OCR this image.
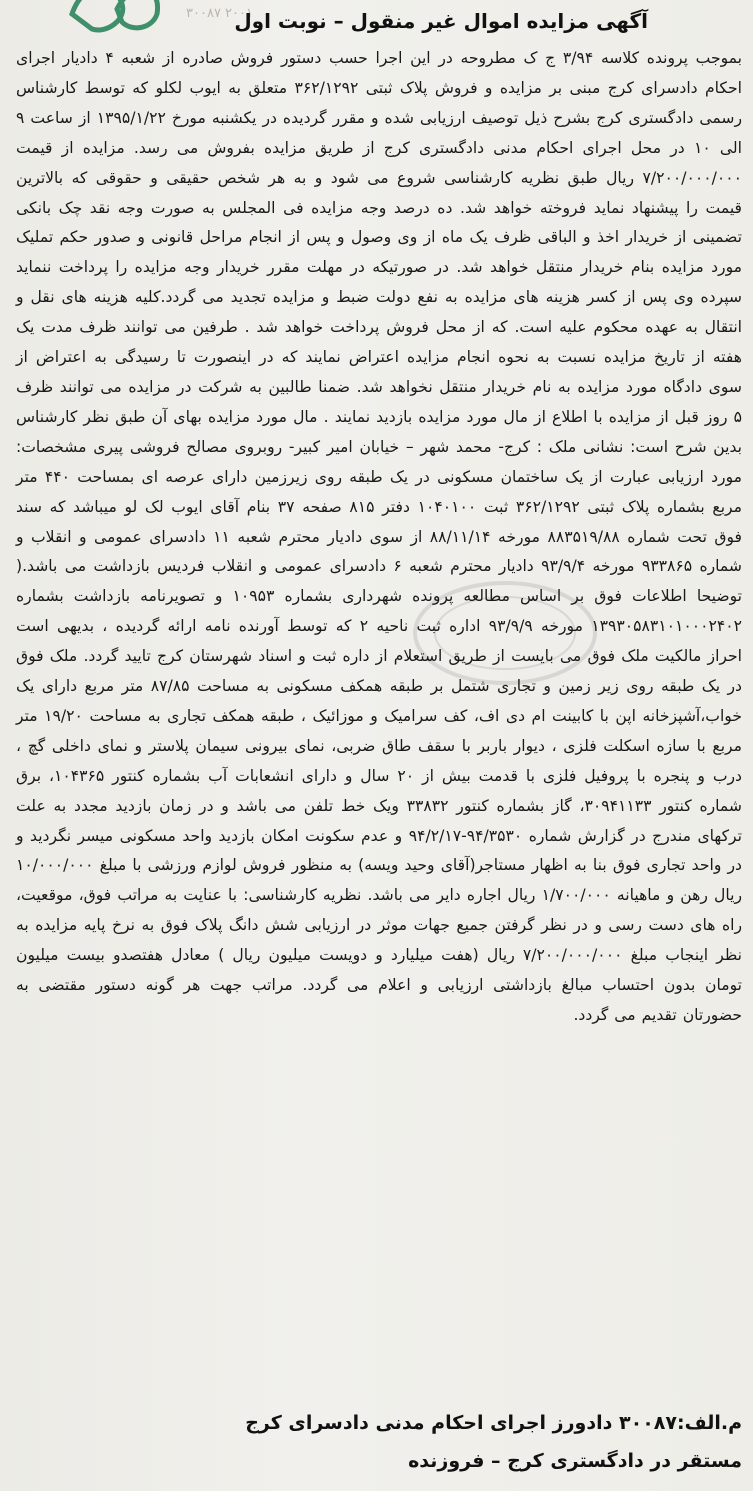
۳۰۰۸۷ ۲۰۰۱
آگهی مزایده اموال غیر منقول – نوبت اول

بموجب پرونده کلاسه ۳/۹۴ ج ک مطروحه در این اجرا حسب دستور فروش صادره از شعبه ۴ دادیار اجرای احکام دادسرای کرج مبنی بر مزایده و فروش پلاک ثبتی ۳۶۲/۱۲۹۲ متعلق به ایوب لکلو که توسط کارشناس رسمی دادگستری کرج بشرح ذیل توصیف ارزیابی شده و مقرر گردیده در یکشنبه مورخ ۱۳۹۵/۱/۲۲ از ساعت ۹ الی ۱۰ در محل اجرای احکام مدنی دادگستری کرج از طریق مزایده بفروش می رسد. مزایده از قیمت ۷/۲۰۰/۰۰۰/۰۰۰ ریال طبق نظریه کارشناسی شروع می شود و به هر شخص حقیقی و حقوقی که بالاترین قیمت را پیشنهاد نماید فروخته خواهد شد. ده درصد وجه مزایده فی المجلس به صورت وجه نقد چک بانکی تضمینی از خریدار اخذ و الباقی ظرف یک ماه از وی وصول و پس از انجام مراحل قانونی و صدور حکم تملیک مورد مزایده بنام خریدار منتقل خواهد شد. در صورتیکه در مهلت مقرر خریدار وجه مزایده را پرداخت ننماید سپرده وی پس از کسر هزینه های مزایده به نفع دولت ضبط و مزایده تجدید می گردد.کلیه هزینه های نقل و انتقال به عهده محکوم علیه است. که از محل فروش پرداخت خواهد شد . طرفین می توانند ظرف مدت یک هفته از تاریخ مزایده نسبت به نحوه انجام مزایده اعتراض نمایند که در اینصورت تا رسیدگی به اعتراض از سوی دادگاه مورد مزایده به نام خریدار منتقل نخواهد شد. ضمنا طالبین به شرکت در مزایده می توانند ظرف ۵ روز قبل از مزایده با اطلاع از مال مورد مزایده بازدید نمایند . مال مورد مزایده بهای آن طبق نظر کارشناس بدین شرح است: نشانی ملک : کرج- محمد شهر – خیابان امیر کبیر- روبروی مصالح فروشی پیری مشخصات: مورد ارزیابی عبارت از یک ساختمان مسکونی در یک طبقه روی زیرزمین دارای عرصه ای بمساحت ۴۴۰ متر مربع بشماره پلاک ثبتی ۳۶۲/۱۲۹۲ ثبت ۱۰۴۰۱۰۰ دفتر ۸۱۵ صفحه ۳۷ بنام آقای ایوب لک لو میباشد که سند فوق تحت شماره ۸۸۳۵۱۹/۸۸ مورخه ۸۸/۱۱/۱۴ از سوی دادیار محترم شعبه ۱۱ دادسرای عمومی و انقلاب و شماره ۹۳۳۸۶۵ مورخه ۹۳/۹/۴ دادیار محترم شعبه ۶ دادسرای عمومی و انقلاب فردیس بازداشت می باشد.( توضیحا اطلاعات فوق بر اساس مطالعه پرونده شهرداری بشماره ۱۰۹۵۳ و تصویرنامه بازداشت بشماره ۱۳۹۳۰۵۸۳۱۰۱۰۰۰۲۴۰۲ مورخه ۹۳/۹/۹ اداره ثبت ناحیه ۲ که توسط آورنده نامه ارائه گردیده ، بدیهی است احراز مالکیت ملک فوق می بایست از طریق استعلام از داره ثبت و اسناد شهرستان کرج تایید گردد. ملک فوق در یک طبقه روی زیر زمین و تجاری شتمل بر طبقه همکف مسکونی به مساحت ۸۷/۸۵ متر مربع دارای یک خواب،آشپزخانه اپن با کابینت ام دی اف، کف سرامیک و موزائیک ، طبقه همکف تجاری به مساحت ۱۹/۲۰ متر مربع با سازه اسکلت فلزی ، دیوار باربر با سقف طاق ضربی، نمای بیرونی سیمان پلاستر و نمای داخلی گچ ، درب و پنجره با پروفیل فلزی با قدمت بیش از ۲۰ سال و دارای انشعابات آب بشماره کنتور ۱۰۴۳۶۵، برق شماره کنتور ۳۰۹۴۱۱۳۳، گاز بشماره کنتور ۳۳۸۳۲ ویک خط تلفن می باشد و در زمان بازدید مجدد به علت ترکهای مندرج در گزارش شماره ۹۴/۳۵۳۰-۹۴/۲/۱۷ و عدم سکونت امکان بازدید واحد مسکونی میسر نگردید و در واحد تجاری فوق بنا به اظهار مستاجر(آقای وحید ویسه) به منظور فروش لوازم ورزشی با مبلغ ۱۰/۰۰۰/۰۰۰ ریال رهن و ماهیانه ۱/۷۰۰/۰۰۰ ریال اجاره دایر می باشد. نظریه کارشناسی: با عنایت به مراتب فوق، موقعیت، راه های دست رسی و در نظر گرفتن جمیع جهات موثر در ارزیابی شش دانگ پلاک فوق به نرخ پایه مزایده به نظر اینجاب مبلغ ۷/۲۰۰/۰۰۰/۰۰۰ ریال (هفت میلیارد و دویست میلیون ریال ) معادل هفتصدو بیست میلیون تومان بدون احتساب مبالغ بازداشتی ارزیابی و اعلام می گردد. مراتب جهت هر گونه دستور مقتضی به حضورتان تقدیم می گردد.

م.الف:۳۰۰۸۷ دادورز اجرای احکام مدنی دادسرای کرج

مستقر در دادگستری کرج – فروزنده
